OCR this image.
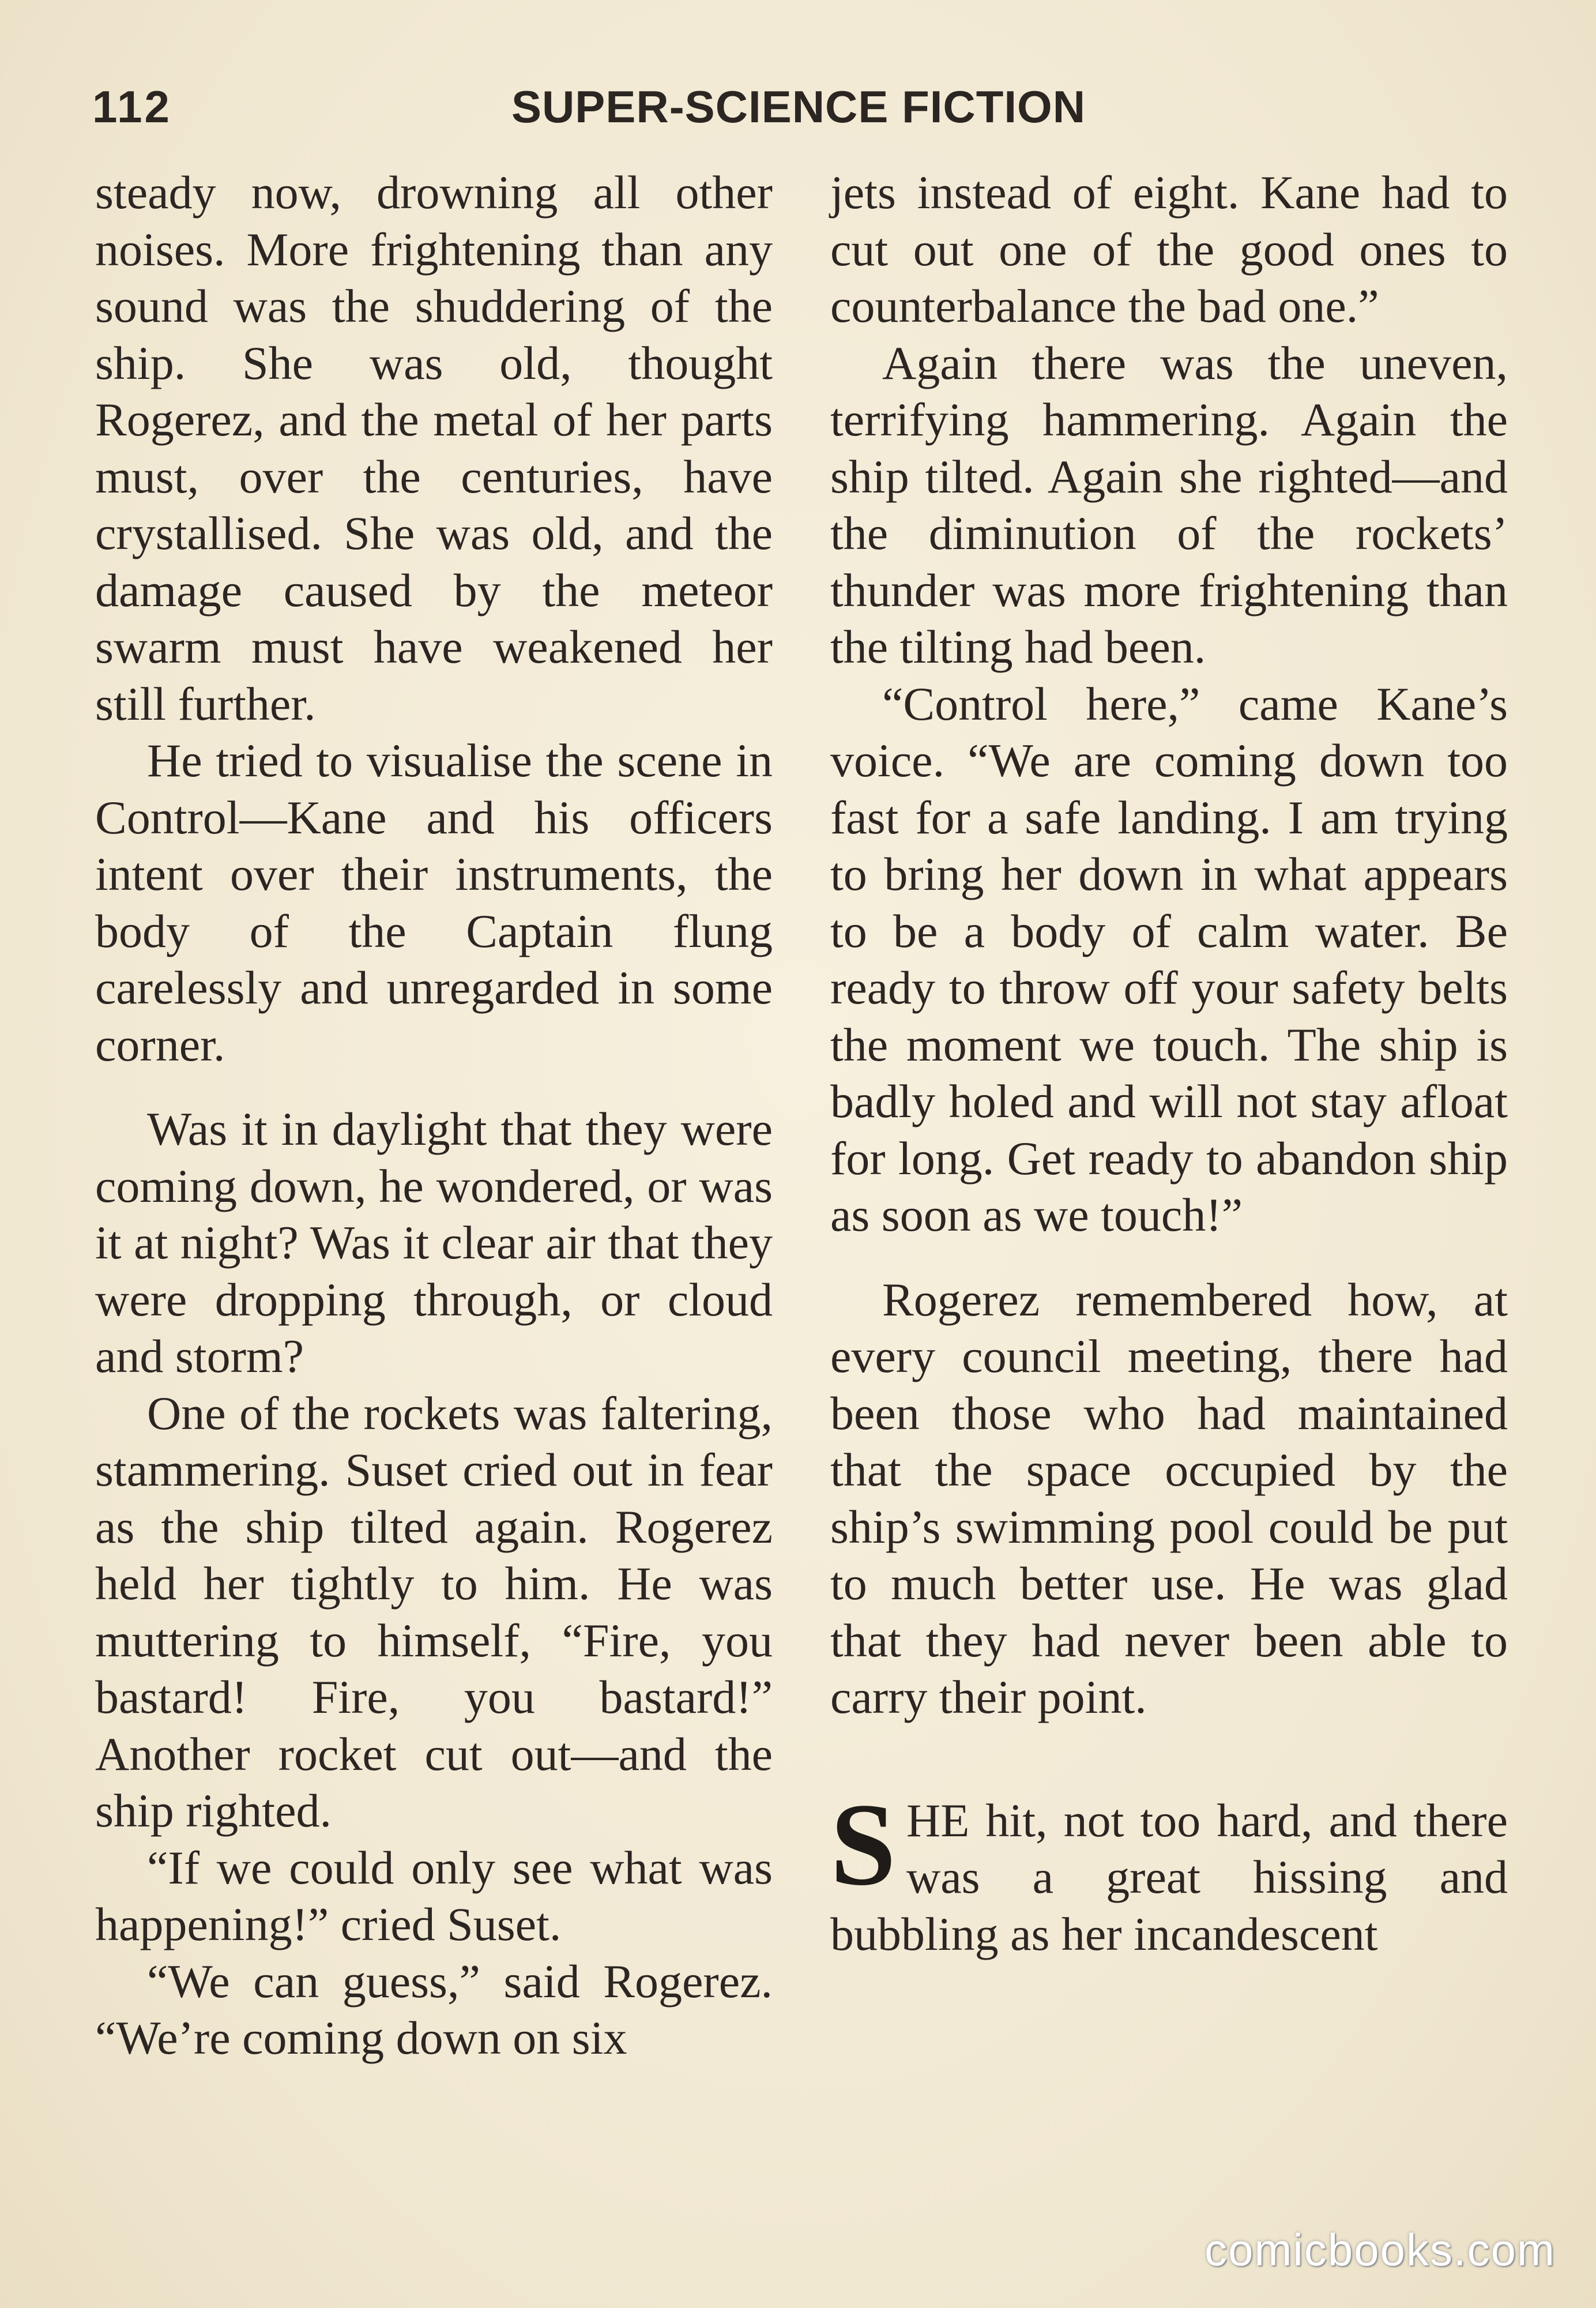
112	SUPER-SCIENCE FICTION

steady now, drowning all other noises. More frightening than any sound was the shuddering of the ship. She was old, thought Rogerez, and the metal of her parts must, over the centuries, have crystallised. She was old, and the damage caused by the meteor swarm must have weakened her still further.

He tried to visualise the scene in Control—Kane and his officers intent over their instruments, the body of the Captain flung carelessly and unregarded in some corner.

Was it in daylight that they were coming down, he wondered, or was it at night? Was it clear air that they were dropping through, or cloud and storm?

One of the rockets was faltering, stammering. Suset cried out in fear as the ship tilted again. Rogerez held her tightly to him. He was muttering to himself, “Fire, you bastard! Fire, you bastard!” Another rocket cut out—and the ship righted.

“If we could only see what was happening!” cried Suset.

“We can guess,” said Rogerez. “We’re coming down on six

jets instead of eight. Kane had to cut out one of the good ones to counterbalance the bad one.”

Again there was the uneven, terrifying hammering. Again the ship tilted. Again she righted—and the diminution of the rockets’ thunder was more frightening than the tilting had been.

“Control here,” came Kane’s voice. “We are coming down too fast for a safe landing. I am trying to bring her down in what appears to be a body of calm water. Be ready to throw off your safety belts the moment we touch. The ship is badly holed and will not stay afloat for long. Get ready to abandon ship as soon as we touch!”

Rogerez remembered how, at every council meeting, there had been those who had maintained that the space occupied by the ship’s swimming pool could be put to much better use. He was glad that they had never been able to carry their point.

SHE hit, not too hard, and there was a great hissing and bubbling as her incandescent

comicbooks.com
